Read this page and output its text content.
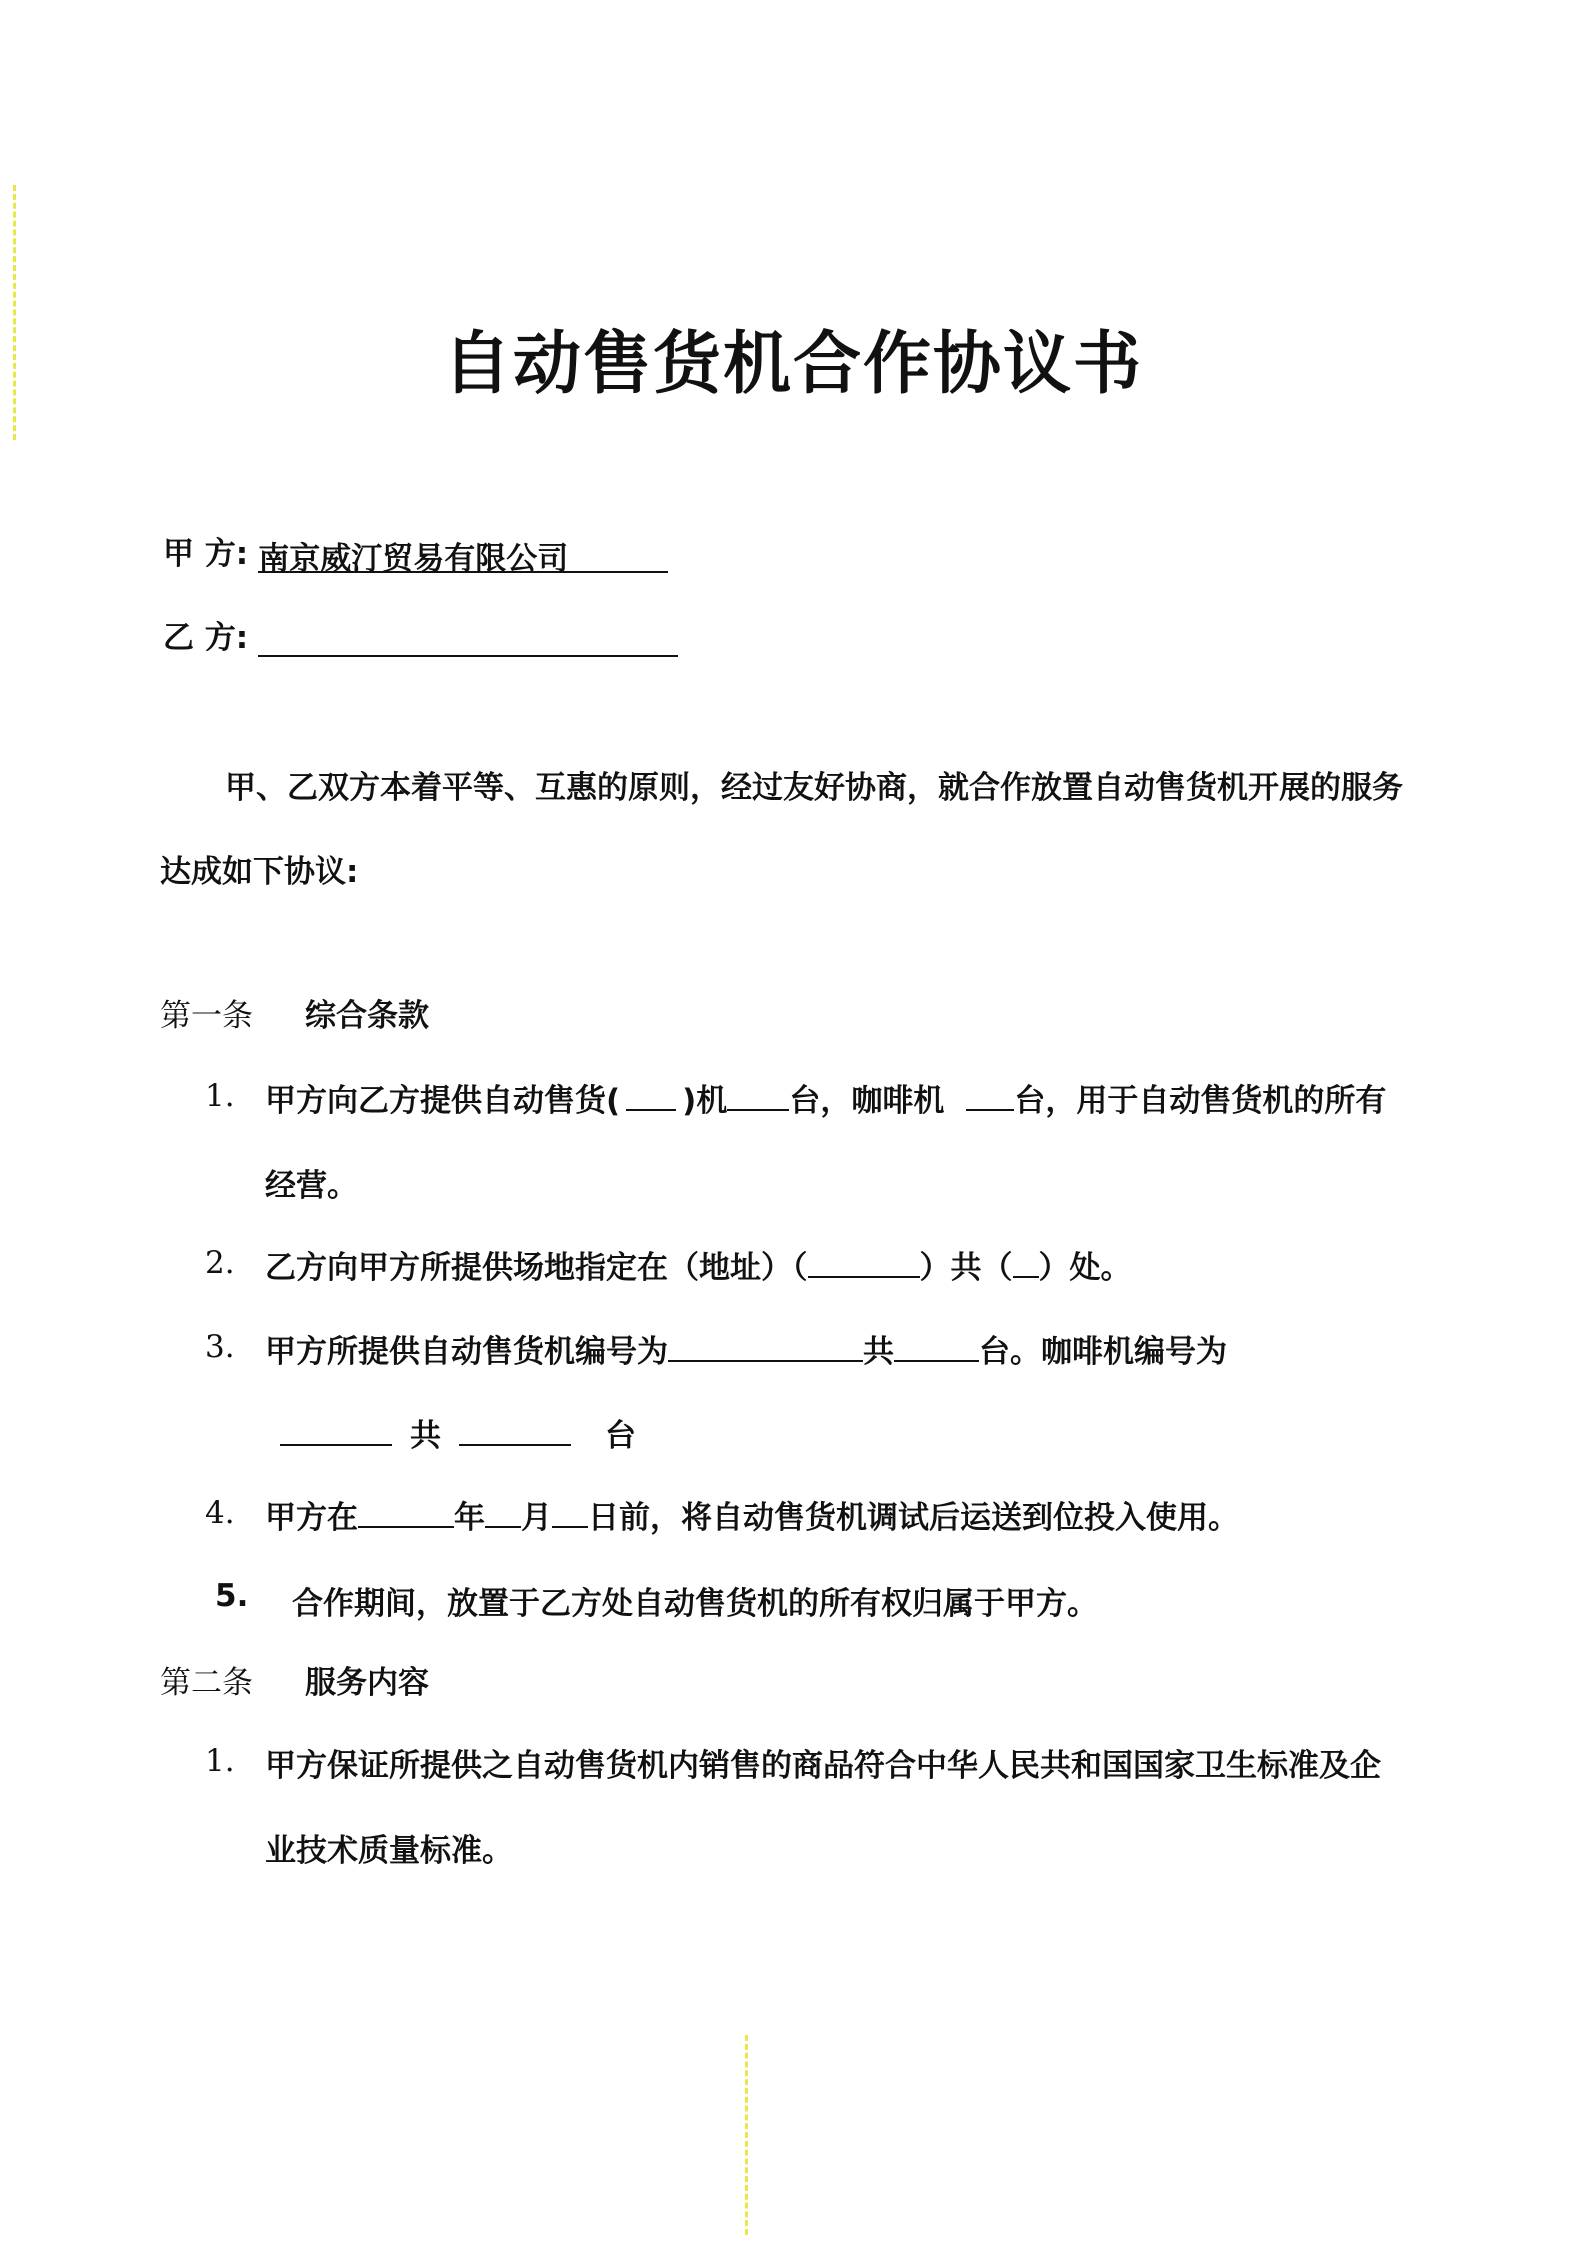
自动售货机合作协议书
甲 方: 南京威汀贸易有限公司
乙 方:
甲、乙双方本着平等、互惠的原则，经过友好协商，就合作放置自动售货机开展的服务
达成如下协议:
第一条	综合条款
1. 甲方向乙方提供自动售货( )机 台，咖啡机 台，用于自动售货机的所有
经营。
2. 乙方向甲方所提供场地指定在（地址）（	）共（ ）处。
3. 甲方所提供自动售货机编号为	共	台。咖啡机编号为
共	台
4. 甲方在	年 月 日前，将自动售货机调试后运送到位投入使用。
5. 合作期间，放置于乙方处自动售货机的所有权归属于甲方。
第二条	服务内容
1. 甲方保证所提供之自动售货机内销售的商品符合中华人民共和国国家卫生标准及企
业技术质量标准。
